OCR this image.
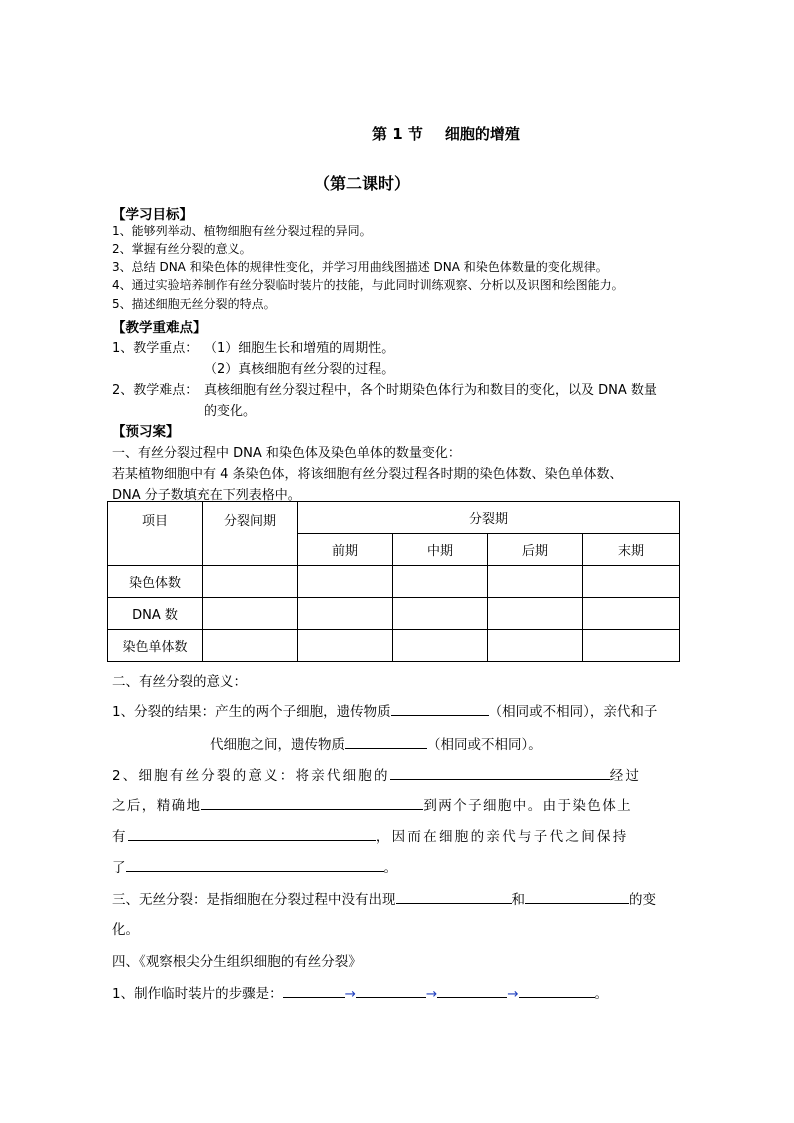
第 1 节 细胞的增殖
（第二课时）
【学习目标】
1、能够列举动、植物细胞有丝分裂过程的异同。
2、掌握有丝分裂的意义。
3、总结 DNA 和染色体的规律性变化，并学习用曲线图描述 DNA 和染色体数量的变化规律。
4、通过实验培养制作有丝分裂临时装片的技能，与此同时训练观察、分析以及识图和绘图能力。
5、描述细胞无丝分裂的特点。
【教学重难点】
1、教学重点： （1）细胞生长和增殖的周期性。
（2）真核细胞有丝分裂的过程。
2、教学难点： 真核细胞有丝分裂过程中，各个时期染色体行为和数目的变化，以及 DNA 数量
的变化。
【预习案】
一、有丝分裂过程中 DNA 和染色体及染色单体的数量变化：
若某植物细胞中有 4 条染色体，将该细胞有丝分裂过程各时期的染色体数、染色单体数、
DNA 分子数填充在下列表格中。
项目	分裂间期	分裂期			
		前期	中期	后期	末期
染色体数					
DNA 数					
染色单体数					
二、有丝分裂的意义：
1、分裂的结果：产生的两个子细胞，遗传物质	（相同或不相同），亲代和子
代细胞之间，遗传物质	（相同或不相同）。
2、细胞有丝分裂的意义：将亲代细胞的	经过
之后，精确地	到两个子细胞中。由于染色体上
有	，因而在细胞的亲代与子代之间保持
了	。
三、无丝分裂：是指细胞在分裂过程中没有出现	和	的变
化。
四、《观察根尖分生组织细胞的有丝分裂》
1、制作临时装片的步骤是：	→	→	→	。
